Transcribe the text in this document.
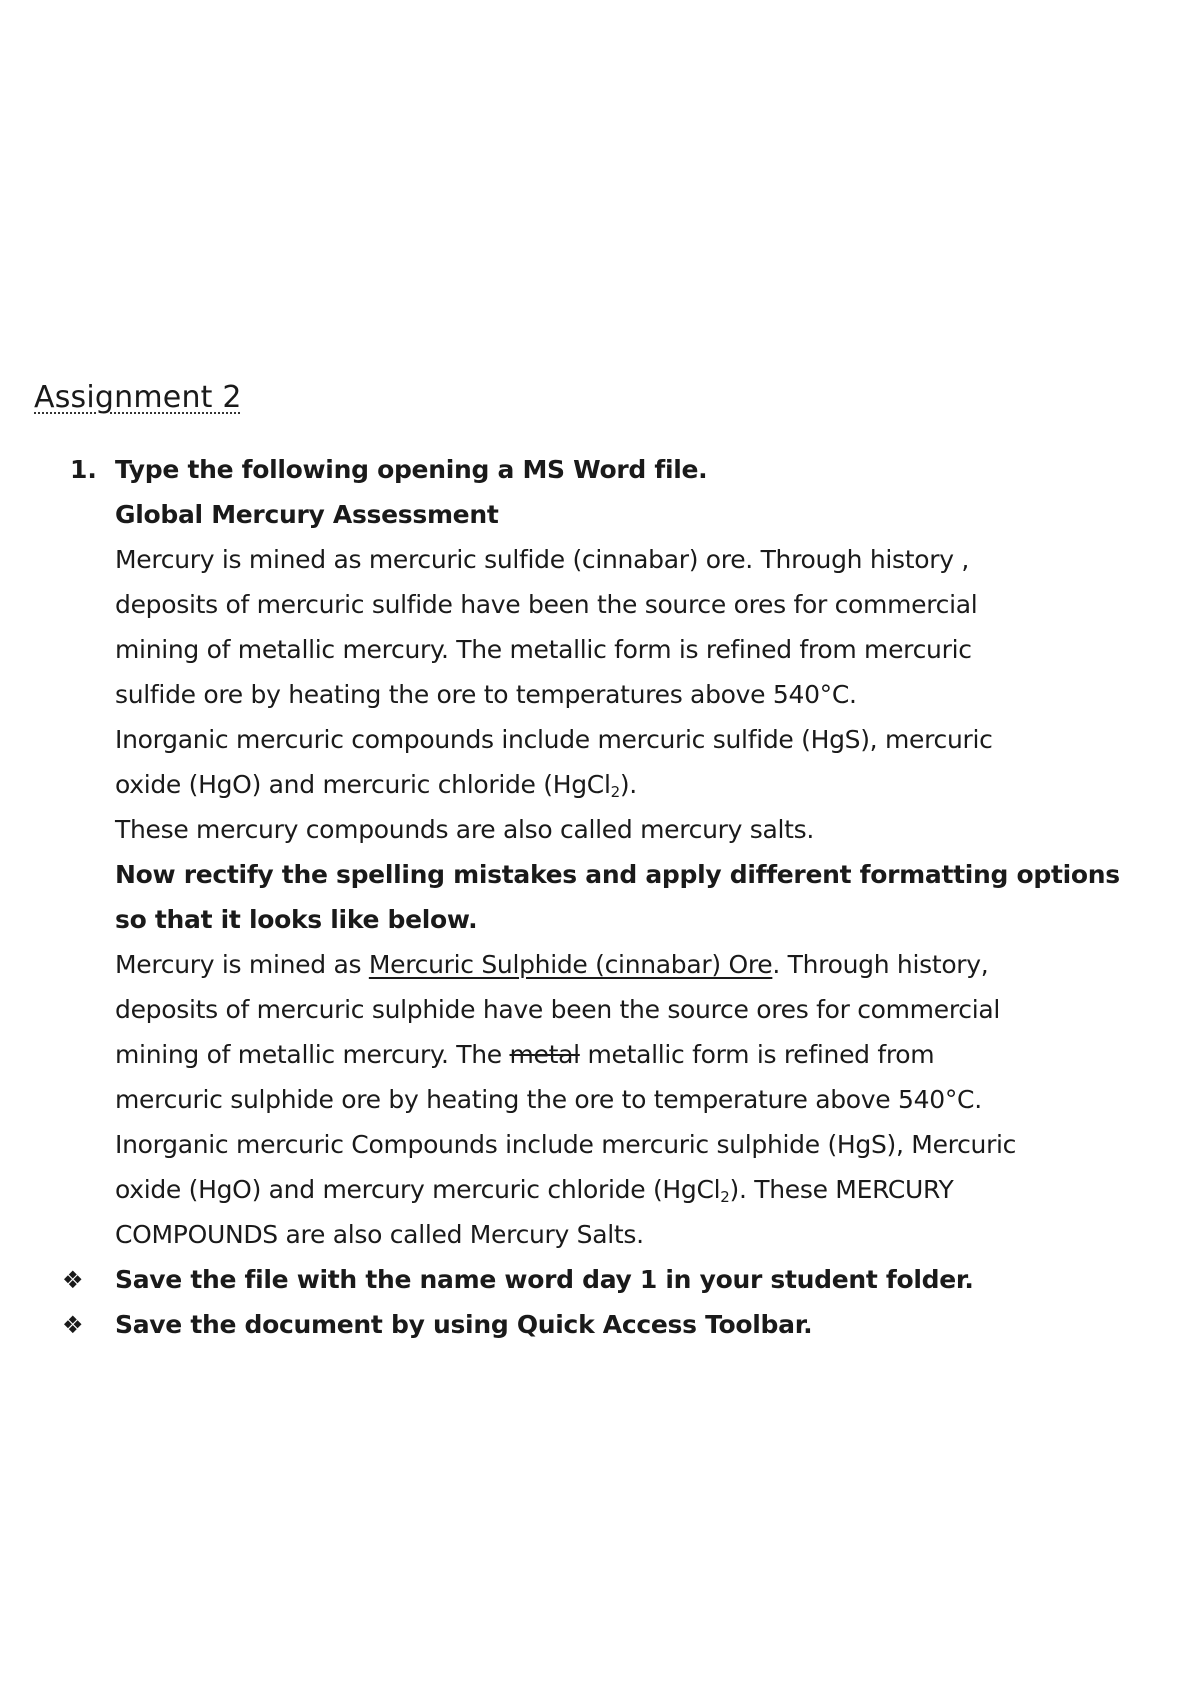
Assignment 2
1. Type the following opening a MS Word file.
Global Mercury Assessment
Mercury is mined as mercuric sulfide (cinnabar) ore. Through history ,
deposits of mercuric sulfide have been the source ores for commercial
mining of metallic mercury. The metallic form is refined from mercuric
sulfide ore by heating the ore to temperatures above 540°C.
Inorganic mercuric compounds include mercuric sulfide (HgS), mercuric
oxide (HgO) and mercuric chloride (HgCl$_2$).
These mercury compounds are also called mercury salts.
Now rectify the spelling mistakes and apply different formatting options
so that it looks like below.
Mercury is mined as Mercuric Sulphide (cinnabar) Ore. Through history,
deposits of mercuric sulphide have been the source ores for commercial
mining of metallic mercury. The metal metallic form is refined from
mercuric sulphide ore by heating the ore to temperature above 540°C.
Inorganic mercuric Compounds include mercuric sulphide (HgS), Mercuric
oxide (HgO) and mercury mercuric chloride (HgCl$_2$). These MERCURY
COMPOUNDS are also called Mercury Salts.
❖ Save the file with the name word day 1 in your student folder.
❖ Save the document by using Quick Access Toolbar.
